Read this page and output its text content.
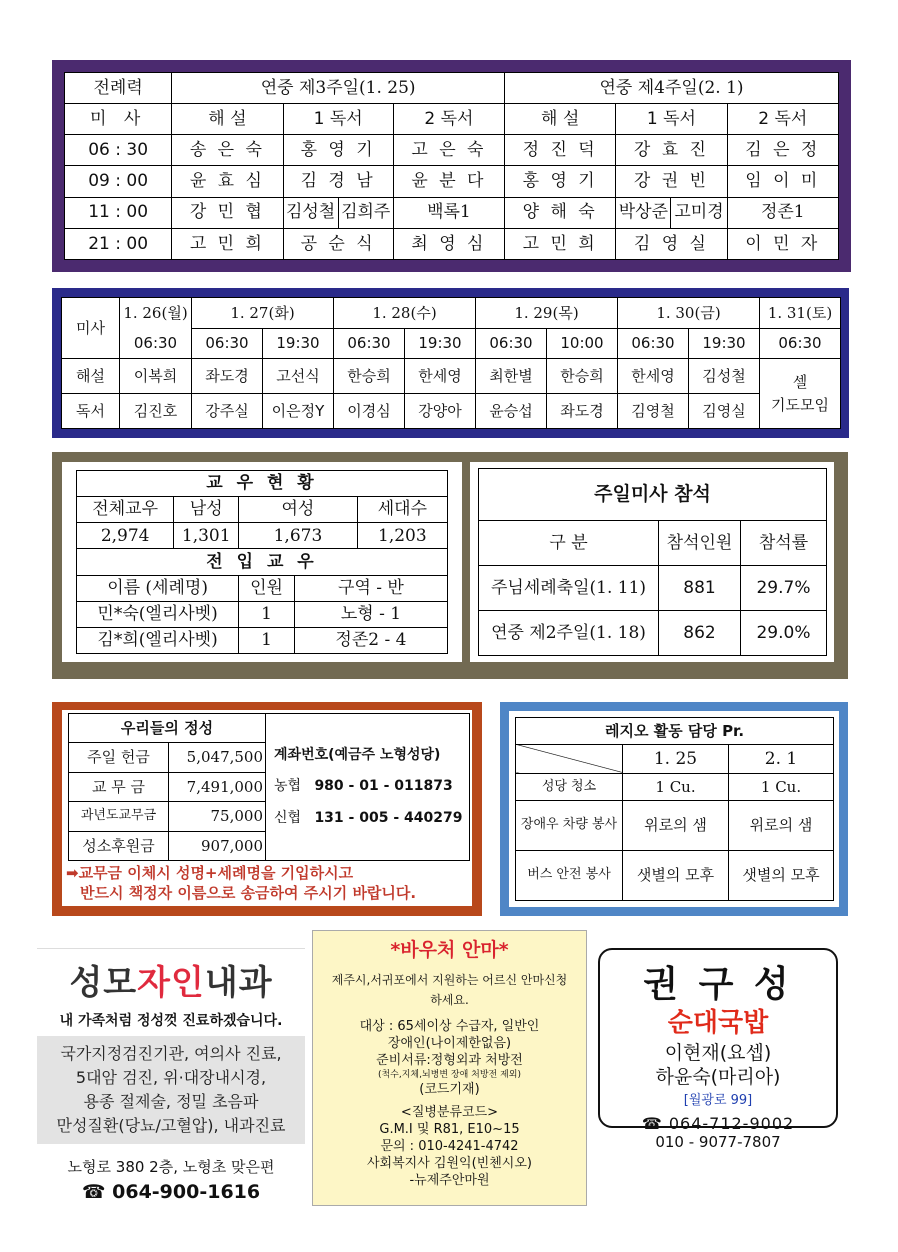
전례력	연중 제3주일(1. 25)				연중 제4주일(2. 1)			
미 사	해 설	1 독서		2 독서	해 설	1 독서		2 독서
06 : 30	송 은 숙	홍 영 기		고 은 숙	정 진 덕	강 효 진		김 은 정
09 : 00	윤 효 심	김 경 남		윤 분 다	홍 영 기	강 권 빈		임 이 미
11 : 00	강 민 협	김성철	김희주	백록1	양 해 숙	박상준	고미경	정존1
21 : 00	고 민 희	공 순 식		최 영 심	고 민 희	김 영 실		이 민 자
미사	1. 26(월)	1. 27(화)		1. 28(수)		1. 29(목)		1. 30(금)		1. 31(토)
	06:30	06:30	19:30	06:30	19:30	06:30	10:00	06:30	19:30	06:30
해설	이복희	좌도경	고선식	한승희	한세영	최한별	한승희	한세영	김성철	셀
기도모임

독서	김진호	강주실	이은정Y	이경심	강양아	윤승섭	좌도경	김영철	김영실	
교 우 현 황				
전체교우	남성	여성		세대수
2,974	1,301	1,673		1,203
전 입 교 우				
이름 (세례명)		인원	구역 - 반	
민*숙(엘리사벳)		1	노형 - 1	
김*희(엘리사벳)		1	정존2 - 4	
주일미사 참석		
구 분	참석인원	참석률
주님세례축일(1. 11)	881	29.7%
연중 제2주일(1. 18)	862	29.0%
우리들의 정성		계좌번호(예금주 노형성당)
농협 980 - 01 - 011873
신협 131 - 005 - 440279

주일 헌금	5,047,500	
교 무 금	7,491,000	
과년도교무금	75,000	
성소후원금	907,000	
➡교무금 이체시 성명+세례명을 기입하시고
반드시 책정자 이름으로 송금하여 주시기 바랍니다.
레지오 활동 담당 Pr.		
	1. 25	2. 1
성당 청소	1 Cu.	1 Cu.
장애우 차량 봉사	위로의 샘	위로의 샘
버스 안전 봉사	샛별의 모후	샛별의 모후
성모자인내과
내 가족처럼 정성껏 진료하겠습니다.
국가지정검진기관, 여의사 진료,
5대암 검진, 위·대장내시경,
용종 절제술, 정밀 초음파
만성질환(당뇨/고혈압), 내과진료
노형로 380 2층, 노형초 맞은편
☎ 064-900-1616
*바우처 안마*
제주시,서귀포에서 지원하는 어르신 안마신청하세요.
대상 : 65세이상 수급자, 일반인
장애인(나이제한없음)
준비서류:정형외과 처방전
(척수,지체,뇌병변 장애 처방전 제외)
(코드기재)
<질병분류코드>
G.M.I 및 R81, E10~15
문의 : 010-4241-4742
사회복지사 김원익(빈첸시오)
-뉴제주안마원
권 구 성
순대국밥
이현재(요셉)
하윤숙(마리아)
[월광로 99]
☎ 064-712-9002
010 - 9077-7807
